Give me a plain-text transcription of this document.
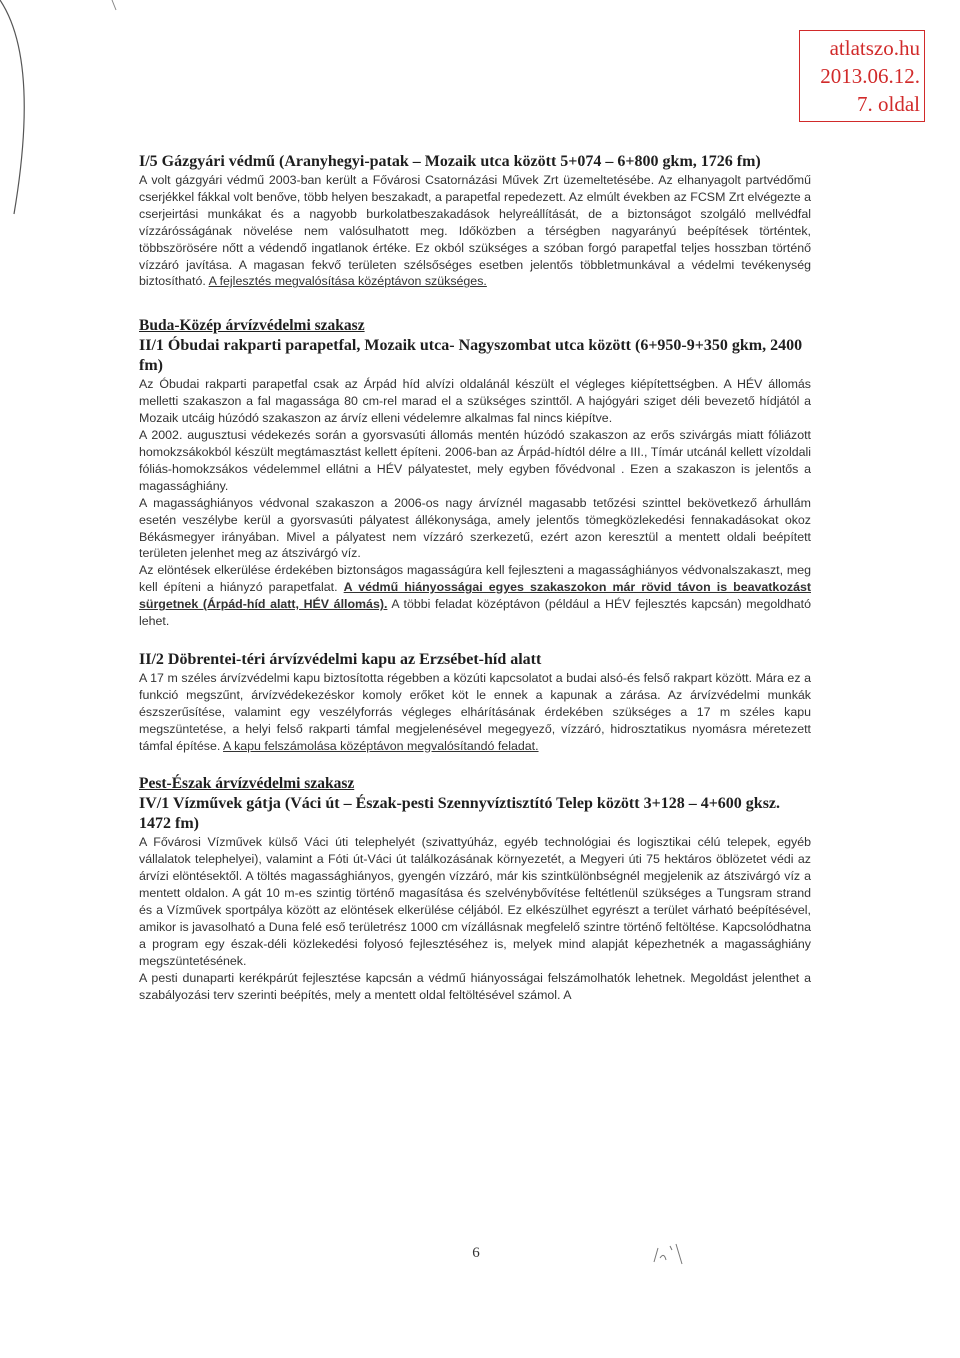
atlatszo.hu
2013.06.12.
7. oldal
I/5 Gázgyári védmű (Aranyhegyi-patak – Mozaik utca között 5+074 – 6+800 gkm, 1726 fm)

A volt gázgyári védmű 2003-ban került a Fővárosi Csatornázási Művek Zrt üzemeltetésébe. Az elhanyagolt partvédőmű cserjékkel fákkal volt benőve, több helyen beszakadt, a parapetfal repedezett. Az elmúlt években az FCSM Zrt elvégezte a cserjeirtási munkákat és a nagyobb burkolatbeszakadások helyreállítását, de a biztonságot szolgáló mellvédfal vízzárósságának növelése nem valósulhatott meg. Időközben a térségben nagyarányú beépítések történtek, többszörösére nőtt a védendő ingatlanok értéke. Ez okból szükséges a szóban forgó parapetfal teljes hosszban történő vízzáró javítása. A magasan fekvő területen szélsőséges esetben jelentős többletmunkával a védelmi tevékenység biztosítható. A fejlesztés megvalósítása középtávon szükséges.

Buda-Közép árvízvédelmi szakasz
II/1 Óbudai rakparti parapetfal, Mozaik utca- Nagyszombat utca között (6+950-9+350 gkm, 2400 fm)

Az Óbudai rakparti parapetfal csak az Árpád híd alvízi oldalánál készült el végleges kiépítettségben. A HÉV állomás melletti szakaszon a fal magassága 80 cm-rel marad el a szükséges szinttől. A hajógyári sziget déli bevezető hídjától a Mozaik utcáig húzódó szakaszon az árvíz elleni védelemre alkalmas fal nincs kiépítve.

A 2002. augusztusi védekezés során a gyorsvasúti állomás mentén húzódó szakaszon az erős szivárgás miatt fóliázott homokzsákokból készült megtámasztást kellett építeni. 2006-ban az Árpád-hídtól délre a III., Tímár utcánál kellett vízoldali fóliás-homokzsákos védelemmel ellátni a HÉV pályatestet, mely egyben fővédvonal . Ezen a szakaszon is jelentős a magassághiány.

A magassághiányos védvonal szakaszon a 2006-os nagy árvíznél magasabb tetőzési szinttel bekövetkező árhullám esetén veszélybe kerül a gyorsvasúti pályatest állékonysága, amely jelentős tömegközlekedési fennakadásokat okoz Békásmegyer irányában. Mivel a pályatest nem vízzáró szerkezetű, ezért azon keresztül a mentett oldali beépített területen jelenhet meg az átszivárgó víz.

Az elöntések elkerülése érdekében biztonságos magasságúra kell fejleszteni a magassághiányos védvonalszakaszt, meg kell építeni a hiányzó parapetfalat. A védmű hiányosságai egyes szakaszokon már rövid távon is beavatkozást sürgetnek (Árpád-híd alatt, HÉV állomás). A többi feladat középtávon (például a HÉV fejlesztés kapcsán) megoldható lehet.

II/2 Döbrentei-téri árvízvédelmi kapu az Erzsébet-híd alatt

A 17 m széles árvízvédelmi kapu biztosította régebben a közúti kapcsolatot a budai alsó-és felső rakpart között. Mára ez a funkció megszűnt, árvízvédekezéskor komoly erőket köt le ennek a kapunak a zárása. Az árvízvédelmi munkák észszerűsítése, valamint egy veszélyforrás végleges elhárításának érdekében szükséges a 17 m széles kapu megszüntetése, a helyi felső rakparti támfal megjelenésével megegyező, vízzáró, hidrosztatikus nyomásra méretezett támfal építése. A kapu felszámolása középtávon megvalósítandó feladat.

Pest-Észak árvízvédelmi szakasz
IV/1 Vízművek gátja (Váci út – Észak-pesti Szennyvíztisztító Telep között 3+128 – 4+600 gksz. 1472 fm)

A Fővárosi Vízművek külső Váci úti telephelyét (szivattyúház, egyéb technológiai és logisztikai célú telepek, egyéb vállalatok telephelyei), valamint a Fóti út-Váci út találkozásának környezetét, a Megyeri úti 75 hektáros öblözetet védi az árvízi elöntésektől. A töltés magassághiányos, gyengén vízzáró, már kis szintkülönbségnél megjelenik az átszivárgó víz a mentett oldalon. A gát 10 m-es szintig történő magasítása és szelvénybővítése feltétlenül szükséges a Tungsram strand és a Vízművek sportpálya között az elöntések elkerülése céljából. Ez elkészülhet egyrészt a terület várható beépítésével, amikor is javasolható a Duna felé eső területrész 1000 cm vízállásnak megfelelő szintre történő feltöltése. Kapcsolódhatna a program egy észak-déli közlekedési folyosó fejlesztéséhez is, melyek mind alapját képezhetnék a magassághiány megszüntetésének.

A pesti dunaparti kerékpárút fejlesztése kapcsán a védmű hiányosságai felszámolhatók lehetnek. Megoldást jelenthet a szabályozási terv szerinti beépítés, mely a mentett oldal feltöltésével számol. A

6
